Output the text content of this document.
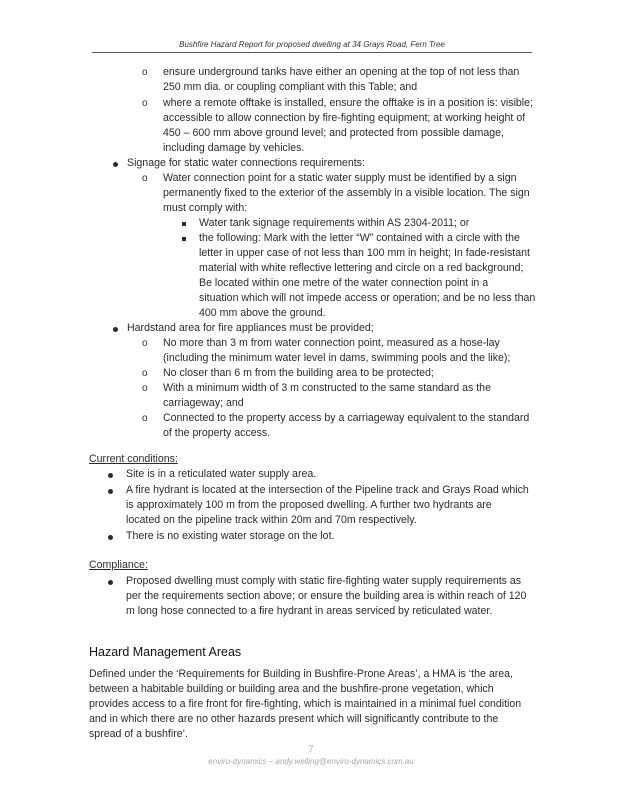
Bushfire Hazard Report for proposed dwelling at 34 Grays Road, Fern Tree
o ensure underground tanks have either an opening at the top of not less than
250 mm dia. or coupling compliant with this Table; and
o where a remote offtake is installed, ensure the offtake is in a position is: visible;
accessible to allow connection by fire-fighting equipment; at working height of
450 – 600 mm above ground level; and protected from possible damage,
including damage by vehicles.
Signage for static water connections requirements:
o Water connection point for a static water supply must be identified by a sign
permanently fixed to the exterior of the assembly in a visible location. The sign
must comply with:
Water tank signage requirements within AS 2304-2011; or
the following: Mark with the letter “W” contained with a circle with the
letter in upper case of not less than 100 mm in height; In fade-resistant
material with white reflective lettering and circle on a red background;
Be located within one metre of the water connection point in a
situation which will not impede access or operation; and be no less than
400 mm above the ground.
Hardstand area for fire appliances must be provided;
o No more than 3 m from water connection point, measured as a hose-lay
(including the minimum water level in dams, swimming pools and the like);
o No closer than 6 m from the building area to be protected;
o With a minimum width of 3 m constructed to the same standard as the
carriageway; and
o Connected to the property access by a carriageway equivalent to the standard
of the property access.
Current conditions:
Site is in a reticulated water supply area.
A fire hydrant is located at the intersection of the Pipeline track and Grays Road which
is approximately 100 m from the proposed dwelling. A further two hydrants are
located on the pipeline track within 20m and 70m respectively.
There is no existing water storage on the lot.
Compliance:
Proposed dwelling must comply with static fire-fighting water supply requirements as
per the requirements section above; or ensure the building area is within reach of 120
m long hose connected to a fire hydrant in areas serviced by reticulated water.
Hazard Management Areas
Defined under the ‘Requirements for Building in Bushfire-Prone Areas’, a HMA is ‘the area,
between a habitable building or building area and the bushfire-prone vegetation, which
provides access to a fire front for fire-fighting, which is maintained in a minimal fuel condition
and in which there are no other hazards present which will significantly contribute to the
spread of a bushfire’.
7
enviro-dynamics – andy.welling@enviro-dynamics.com.au
